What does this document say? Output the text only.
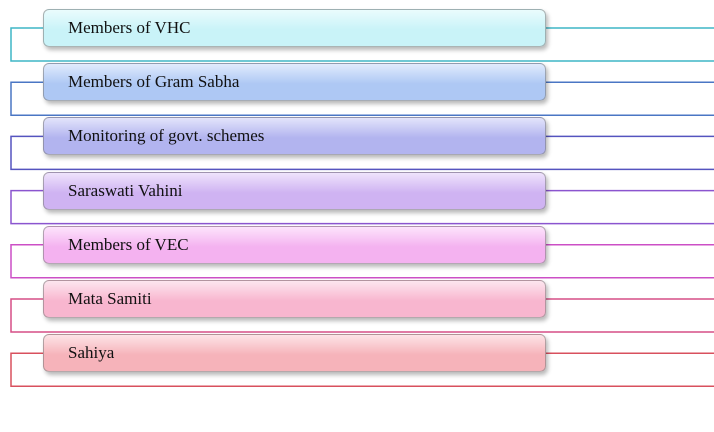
Members of VHC
Members of Gram Sabha
Monitoring of govt. schemes
Saraswati Vahini
Members of VEC
Mata Samiti
Sahiya
